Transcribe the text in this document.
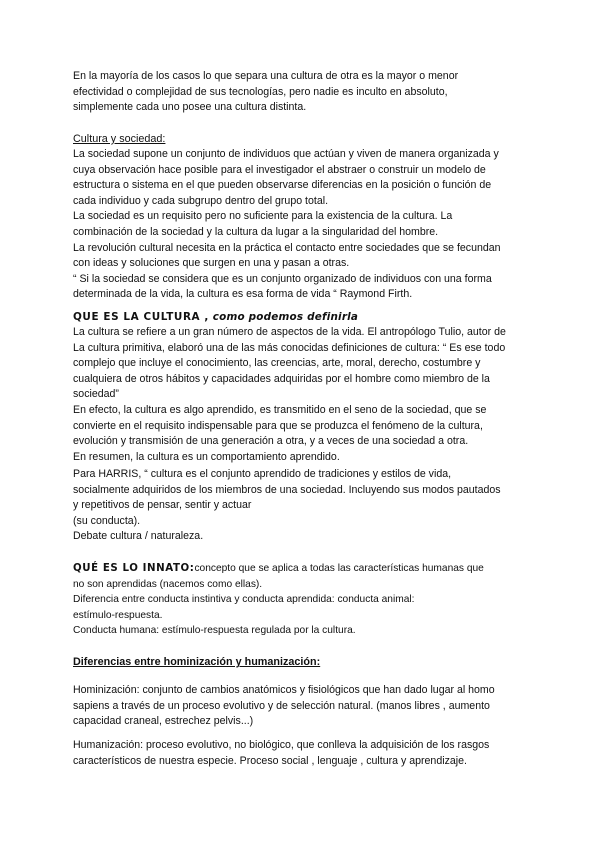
En la mayoría de los casos lo que separa una cultura de otra es la mayor o menor

efectividad o complejidad de sus tecnologías, pero nadie es inculto en absoluto,

simplemente cada uno posee una cultura distinta.

Cultura y sociedad:

La sociedad supone un conjunto de individuos que actúan y viven de manera organizada y

cuya observación hace posible para el investigador el abstraer o construir un modelo de

estructura o sistema en el que pueden observarse diferencias en la posición o función de

cada individuo y cada subgrupo dentro del grupo total.

La sociedad es un requisito pero no suficiente para la existencia de la cultura. La

combinación de la sociedad y la cultura da lugar a la singularidad del hombre.

La revolución cultural necesita en la práctica el contacto entre sociedades que se fecundan

con ideas y soluciones que surgen en una y pasan a otras.

“ Si la sociedad se considera que es un conjunto organizado de individuos con una forma

determinada de la vida, la cultura es esa forma de vida “ Raymond Firth.

QUE ES LA CULTURA , como podemos definirla

La cultura se refiere a un gran número de aspectos de la vida. El antropólogo Tulio, autor de

La cultura primitiva, elaboró una de las más conocidas definiciones de cultura: “ Es ese todo

complejo que incluye el conocimiento, las creencias, arte, moral, derecho, costumbre y

cualquiera de otros hábitos y capacidades adquiridas por el hombre como miembro de la

sociedad”

En efecto, la cultura es algo aprendido, es transmitido en el seno de la sociedad, que se

convierte en el requisito indispensable para que se produzca el fenómeno de la cultura,

evolución y transmisión de una generación a otra, y a veces de una sociedad a otra.

En resumen, la cultura es un comportamiento aprendido.

Para HARRIS, “ cultura es el conjunto aprendido de tradiciones y estilos de vida,

socialmente adquiridos de los miembros de una sociedad. Incluyendo sus modos pautados

y repetitivos de pensar, sentir y actuar

(su conducta).

Debate cultura / naturaleza.

QUÉ ES LO INNATO:concepto que se aplica a todas las características humanas que

no son aprendidas (nacemos como ellas).

Diferencia entre conducta instintiva y conducta aprendida: conducta animal:

estímulo-respuesta.

Conducta humana: estímulo-respuesta regulada por la cultura.

Diferencias entre hominización y humanización:

Hominización: conjunto de cambios anatómicos y fisiológicos que han dado lugar al homo

sapiens a través de un proceso evolutivo y de selección natural. (manos libres , aumento

capacidad craneal, estrechez pelvis...)

Humanización: proceso evolutivo, no biológico, que conlleva la adquisición de los rasgos

característicos de nuestra especie. Proceso social , lenguaje , cultura y aprendizaje.
